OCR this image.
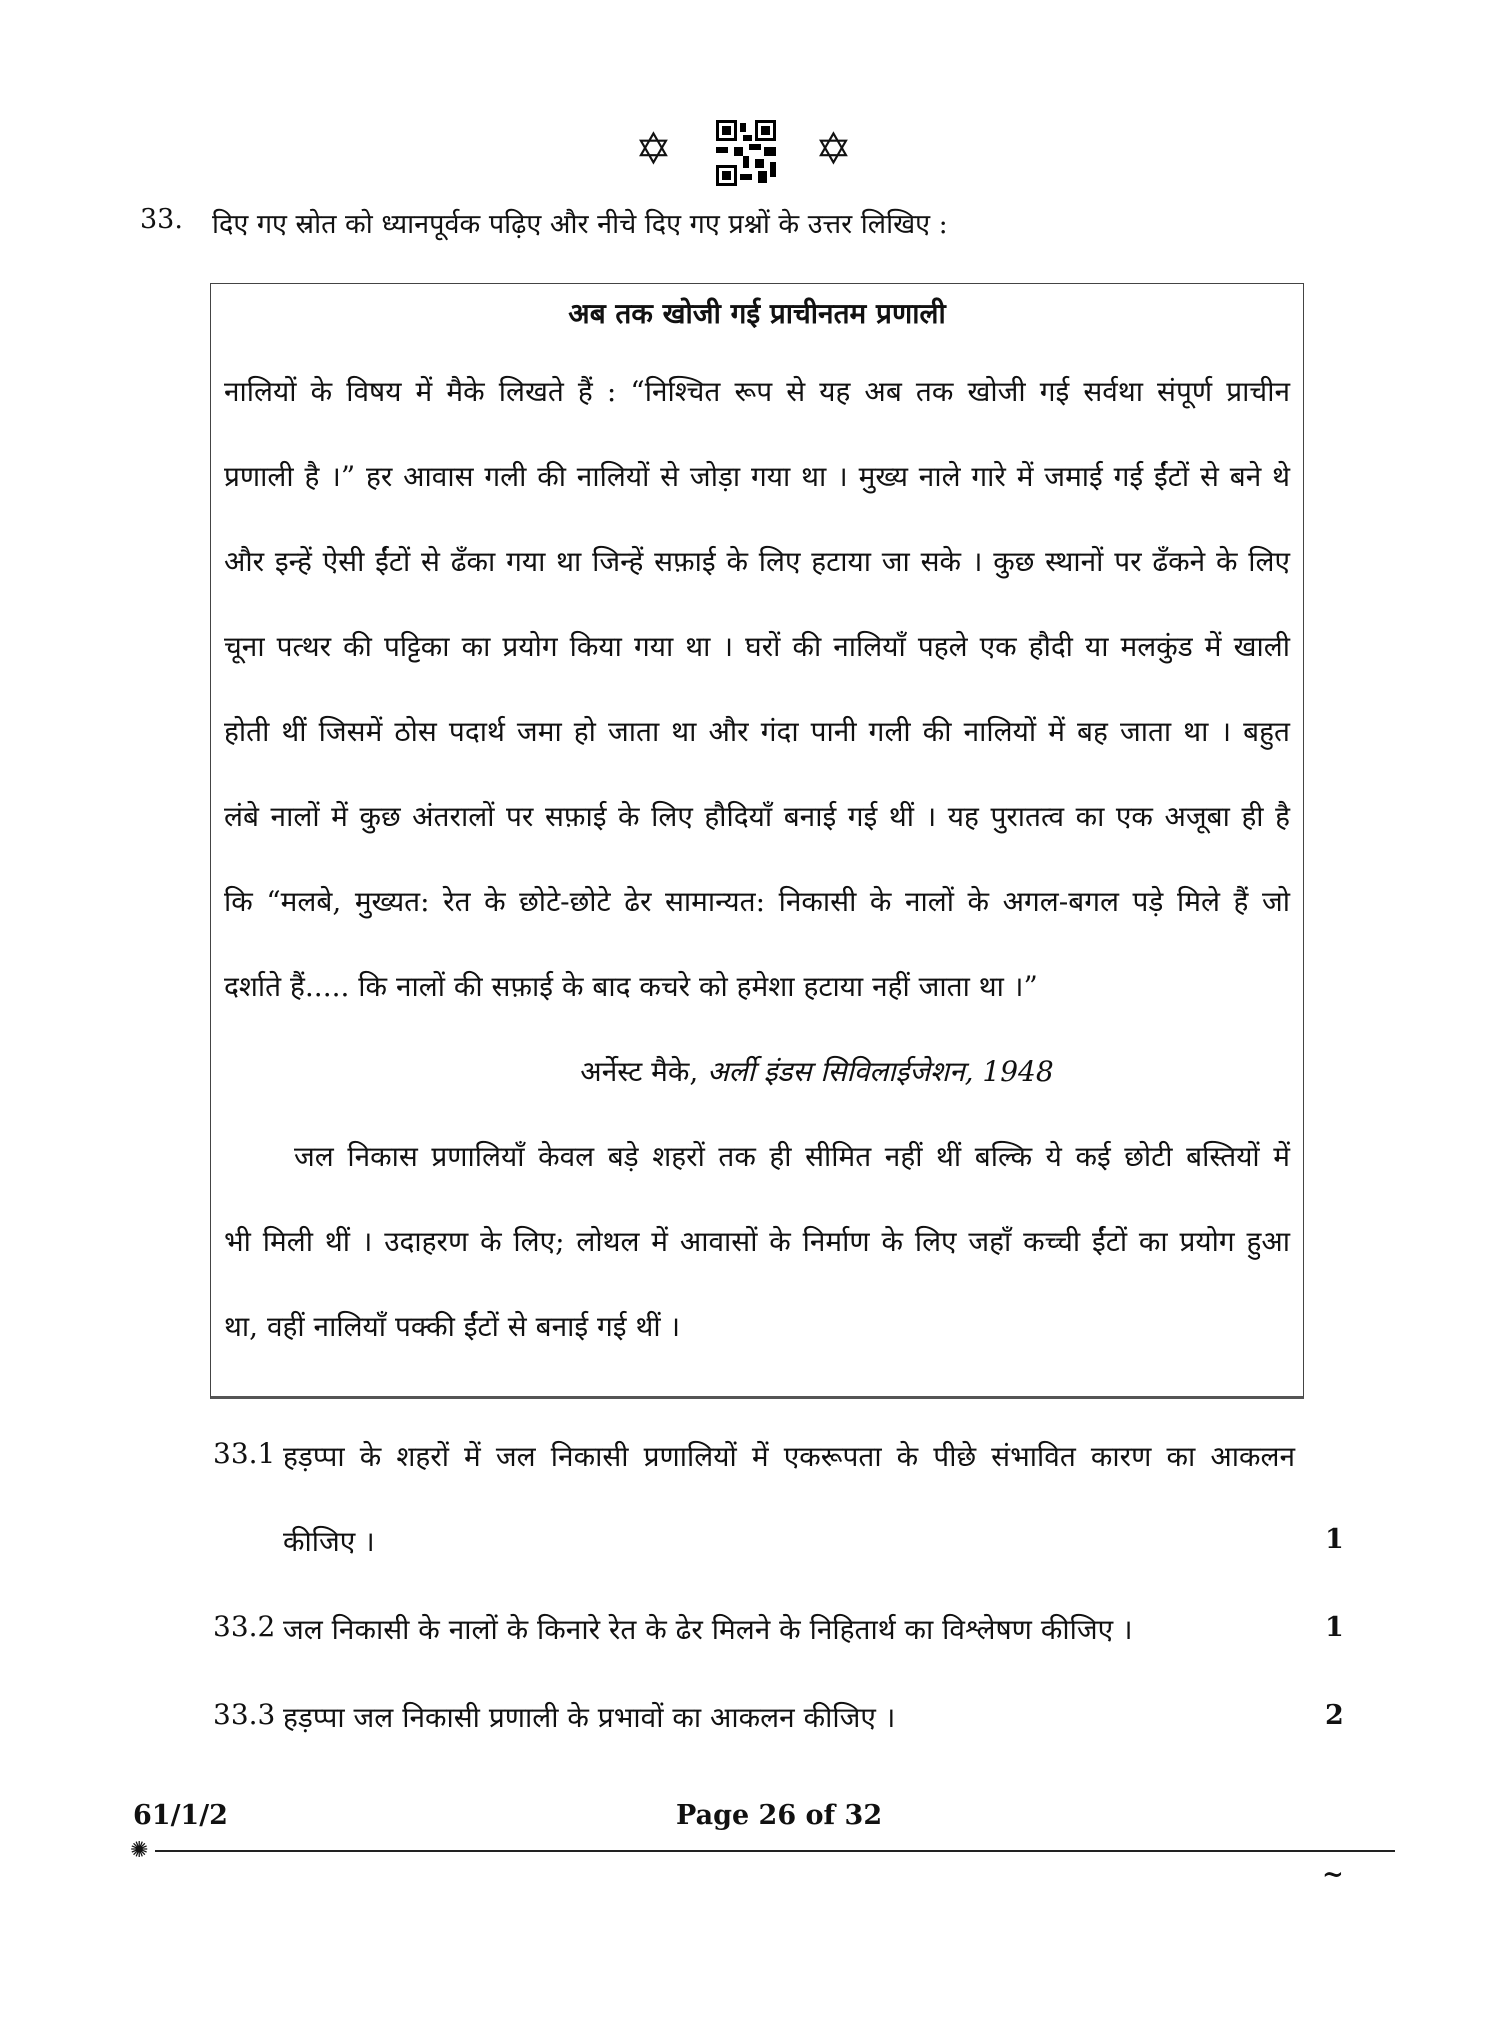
✡	✡
33. दिए गए स्रोत को ध्यानपूर्वक पढ़िए और नीचे दिए गए प्रश्नों के उत्तर लिखिए :
अब तक खोजी गई प्राचीनतम प्रणाली
नालियों के विषय में मैके लिखते हैं : “निश्चित रूप से यह अब तक खोजी गई सर्वथा संपूर्ण प्राचीन
प्रणाली है ।” हर आवास गली की नालियों से जोड़ा गया था । मुख्य नाले गारे में जमाई गई ईंटों से बने थे
और इन्हें ऐसी ईंटों से ढँका गया था जिन्हें सफ़ाई के लिए हटाया जा सके । कुछ स्थानों पर ढँकने के लिए
चूना पत्थर की पट्टिका का प्रयोग किया गया था । घरों की नालियाँ पहले एक हौदी या मलकुंड में खाली
होती थीं जिसमें ठोस पदार्थ जमा हो जाता था और गंदा पानी गली की नालियों में बह जाता था । बहुत
लंबे नालों में कुछ अंतरालों पर सफ़ाई के लिए हौदियाँ बनाई गई थीं । यह पुरातत्व का एक अजूबा ही है
कि “मलबे, मुख्यत: रेत के छोटे-छोटे ढेर सामान्यत: निकासी के नालों के अगल-बगल पड़े मिले हैं जो
दर्शाते हैं..... कि नालों की सफ़ाई के बाद कचरे को हमेशा हटाया नहीं जाता था ।”
अर्नेस्ट मैके, अर्ली इंडस सिविलाईजेशन, 1948
जल निकास प्रणालियाँ केवल बड़े शहरों तक ही सीमित नहीं थीं बल्कि ये कई छोटी बस्तियों में
भी मिली थीं । उदाहरण के लिए; लोथल में आवासों के निर्माण के लिए जहाँ कच्ची ईंटों का प्रयोग हुआ
था, वहीं नालियाँ पक्की ईंटों से बनाई गई थीं ।
33.1 हड़प्पा के शहरों में जल निकासी प्रणालियों में एकरूपता के पीछे संभावित कारण का आकलन
कीजिए ।	1
33.2 जल निकासी के नालों के किनारे रेत के ढेर मिलने के निहितार्थ का विश्लेषण कीजिए ।	1
33.3 हड़प्पा जल निकासी प्रणाली के प्रभावों का आकलन कीजिए ।	2
61/1/2	Page 26 of 32
✺
~
